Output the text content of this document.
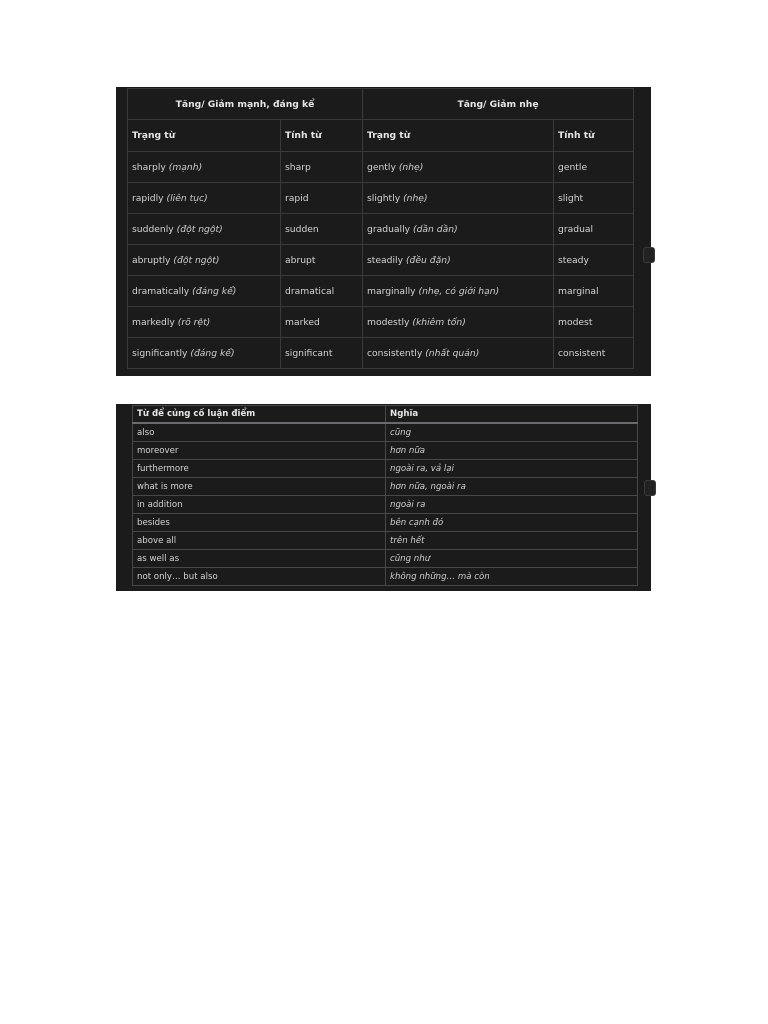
Tăng/ Giảm mạnh, đáng kể		Tăng/ Giảm nhẹ	
Trạng từ	Tính từ	Trạng từ	Tính từ
sharply (mạnh)	sharp	gently (nhẹ)	gentle
rapidly (liên tục)	rapid	slightly (nhẹ)	slight
suddenly (đột ngột)	sudden	gradually (dần dần)	gradual
abruptly (đột ngột)	abrupt	steadily (đều đặn)	steady
dramatically (đáng kể)	dramatical	marginally (nhẹ, có giới hạn)	marginal
markedly (rõ rệt)	marked	modestly (khiêm tốn)	modest
significantly (đáng kể)	significant	consistently (nhất quán)	consistent
Từ để củng cố luận điểm	Nghĩa
also	cũng
moreover	hơn nữa
furthermore	ngoài ra, vả lại
what is more	hơn nữa, ngoài ra
in addition	ngoài ra
besides	bên cạnh đó
above all	trên hết
as well as	cũng như
not only… but also	không những… mà còn
